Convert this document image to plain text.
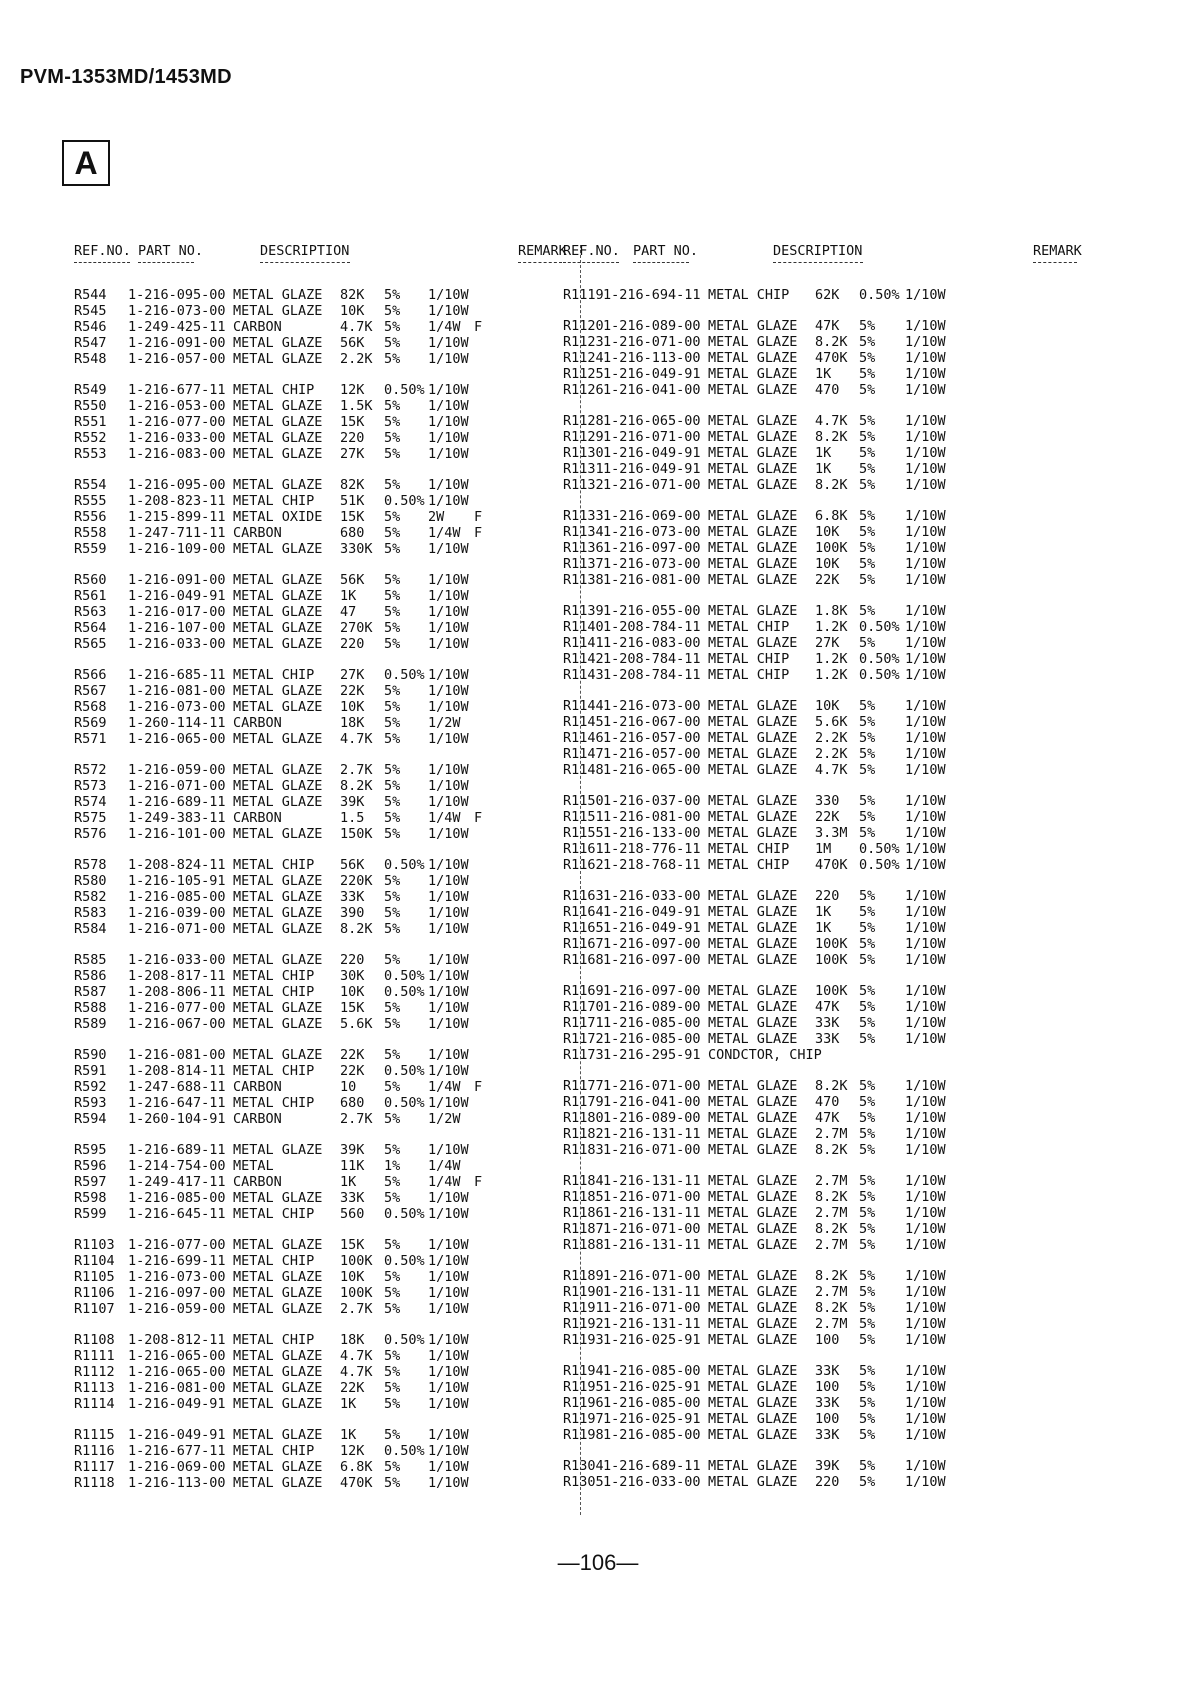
PVM-1353MD/1453MD
A
REF.NO. PART NO.	DESCRIPTION	REMARK
R544 1-216-095-00 METAL GLAZE 82K 5% 1/10W
R545 1-216-073-00 METAL GLAZE 10K 5% 1/10W
R546 1-249-425-11 CARBON	4.7K 5% 1/4W F
R547 1-216-091-00 METAL GLAZE 56K 5% 1/10W
R548 1-216-057-00 METAL GLAZE 2.2K 5% 1/10W
R549 1-216-677-11 METAL CHIP 12K 0.50% 1/10W
R550 1-216-053-00 METAL GLAZE 1.5K 5% 1/10W
R551 1-216-077-00 METAL GLAZE 15K 5% 1/10W
R552 1-216-033-00 METAL GLAZE 220 5% 1/10W
R553 1-216-083-00 METAL GLAZE 27K 5% 1/10W
R554 1-216-095-00 METAL GLAZE 82K 5% 1/10W
R555 1-208-823-11 METAL CHIP 51K 0.50% 1/10W
R556 1-215-899-11 METAL OXIDE 15K 5% 2W F
R558 1-247-711-11 CARBON	680 5% 1/4W F
R559 1-216-109-00 METAL GLAZE 330K 5% 1/10W
R560 1-216-091-00 METAL GLAZE 56K 5% 1/10W
R561 1-216-049-91 METAL GLAZE 1K 5% 1/10W
R563 1-216-017-00 METAL GLAZE 47 5% 1/10W
R564 1-216-107-00 METAL GLAZE 270K 5% 1/10W
R565 1-216-033-00 METAL GLAZE 220 5% 1/10W
R566 1-216-685-11 METAL CHIP 27K 0.50% 1/10W
R567 1-216-081-00 METAL GLAZE 22K 5% 1/10W
R568 1-216-073-00 METAL GLAZE 10K 5% 1/10W
R569 1-260-114-11 CARBON	18K 5% 1/2W
R571 1-216-065-00 METAL GLAZE 4.7K 5% 1/10W
R572 1-216-059-00 METAL GLAZE 2.7K 5% 1/10W
R573 1-216-071-00 METAL GLAZE 8.2K 5% 1/10W
R574 1-216-689-11 METAL GLAZE 39K 5% 1/10W
R575 1-249-383-11 CARBON	1.5 5% 1/4W F
R576 1-216-101-00 METAL GLAZE 150K 5% 1/10W
R578 1-208-824-11 METAL CHIP 56K 0.50% 1/10W
R580 1-216-105-91 METAL GLAZE 220K 5% 1/10W
R582 1-216-085-00 METAL GLAZE 33K 5% 1/10W
R583 1-216-039-00 METAL GLAZE 390 5% 1/10W
R584 1-216-071-00 METAL GLAZE 8.2K 5% 1/10W
R585 1-216-033-00 METAL GLAZE 220 5% 1/10W
R586 1-208-817-11 METAL CHIP 30K 0.50% 1/10W
R587 1-208-806-11 METAL CHIP 10K 0.50% 1/10W
R588 1-216-077-00 METAL GLAZE 15K 5% 1/10W
R589 1-216-067-00 METAL GLAZE 5.6K 5% 1/10W
R590 1-216-081-00 METAL GLAZE 22K 5% 1/10W
R591 1-208-814-11 METAL CHIP 22K 0.50% 1/10W
R592 1-247-688-11 CARBON	10 5% 1/4W F
R593 1-216-647-11 METAL CHIP 680 0.50% 1/10W
R594 1-260-104-91 CARBON	2.7K 5% 1/2W
R595 1-216-689-11 METAL GLAZE 39K 5% 1/10W
R596 1-214-754-00 METAL	11K 1% 1/4W
R597 1-249-417-11 CARBON	1K 5% 1/4W F
R598 1-216-085-00 METAL GLAZE 33K 5% 1/10W
R599 1-216-645-11 METAL CHIP 560 0.50% 1/10W
R1103 1-216-077-00 METAL GLAZE 15K 5% 1/10W
R1104 1-216-699-11 METAL CHIP 100K 0.50% 1/10W
R1105 1-216-073-00 METAL GLAZE 10K 5% 1/10W
R1106 1-216-097-00 METAL GLAZE 100K 5% 1/10W
R1107 1-216-059-00 METAL GLAZE 2.7K 5% 1/10W
R1108 1-208-812-11 METAL CHIP 18K 0.50% 1/10W
R1111 1-216-065-00 METAL GLAZE 4.7K 5% 1/10W
R1112 1-216-065-00 METAL GLAZE 4.7K 5% 1/10W
R1113 1-216-081-00 METAL GLAZE 22K 5% 1/10W
R1114 1-216-049-91 METAL GLAZE 1K 5% 1/10W
R1115 1-216-049-91 METAL GLAZE 1K 5% 1/10W
R1116 1-216-677-11 METAL CHIP 12K 0.50% 1/10W
R1117 1-216-069-00 METAL GLAZE 6.8K 5% 1/10W
R1118 1-216-113-00 METAL GLAZE 470K 5% 1/10W
REF.NO. PART NO.	DESCRIPTION	REMARK
R1119 1-216-694-11 METAL CHIP 62K 0.50% 1/10W
R1120 1-216-089-00 METAL GLAZE 47K 5% 1/10W
R1123 1-216-071-00 METAL GLAZE 8.2K 5% 1/10W
R1124 1-216-113-00 METAL GLAZE 470K 5% 1/10W
R1125 1-216-049-91 METAL GLAZE 1K 5% 1/10W
R1126 1-216-041-00 METAL GLAZE 470 5% 1/10W
R1128 1-216-065-00 METAL GLAZE 4.7K 5% 1/10W
R1129 1-216-071-00 METAL GLAZE 8.2K 5% 1/10W
R1130 1-216-049-91 METAL GLAZE 1K 5% 1/10W
R1131 1-216-049-91 METAL GLAZE 1K 5% 1/10W
R1132 1-216-071-00 METAL GLAZE 8.2K 5% 1/10W
R1133 1-216-069-00 METAL GLAZE 6.8K 5% 1/10W
R1134 1-216-073-00 METAL GLAZE 10K 5% 1/10W
R1136 1-216-097-00 METAL GLAZE 100K 5% 1/10W
R1137 1-216-073-00 METAL GLAZE 10K 5% 1/10W
R1138 1-216-081-00 METAL GLAZE 22K 5% 1/10W
R1139 1-216-055-00 METAL GLAZE 1.8K 5% 1/10W
R1140 1-208-784-11 METAL CHIP 1.2K 0.50% 1/10W
R1141 1-216-083-00 METAL GLAZE 27K 5% 1/10W
R1142 1-208-784-11 METAL CHIP 1.2K 0.50% 1/10W
R1143 1-208-784-11 METAL CHIP 1.2K 0.50% 1/10W
R1144 1-216-073-00 METAL GLAZE 10K 5% 1/10W
R1145 1-216-067-00 METAL GLAZE 5.6K 5% 1/10W
R1146 1-216-057-00 METAL GLAZE 2.2K 5% 1/10W
R1147 1-216-057-00 METAL GLAZE 2.2K 5% 1/10W
R1148 1-216-065-00 METAL GLAZE 4.7K 5% 1/10W
R1150 1-216-037-00 METAL GLAZE 330 5% 1/10W
R1151 1-216-081-00 METAL GLAZE 22K 5% 1/10W
R1155 1-216-133-00 METAL GLAZE 3.3M 5% 1/10W
R1161 1-218-776-11 METAL CHIP 1M 0.50% 1/10W
R1162 1-218-768-11 METAL CHIP 470K 0.50% 1/10W
R1163 1-216-033-00 METAL GLAZE 220 5% 1/10W
R1164 1-216-049-91 METAL GLAZE 1K 5% 1/10W
R1165 1-216-049-91 METAL GLAZE 1K 5% 1/10W
R1167 1-216-097-00 METAL GLAZE 100K 5% 1/10W
R1168 1-216-097-00 METAL GLAZE 100K 5% 1/10W
R1169 1-216-097-00 METAL GLAZE 100K 5% 1/10W
R1170 1-216-089-00 METAL GLAZE 47K 5% 1/10W
R1171 1-216-085-00 METAL GLAZE 33K 5% 1/10W
R1172 1-216-085-00 METAL GLAZE 33K 5% 1/10W
R1173 1-216-295-91 CONDCTOR, CHIP
R1177 1-216-071-00 METAL GLAZE 8.2K 5% 1/10W
R1179 1-216-041-00 METAL GLAZE 470 5% 1/10W
R1180 1-216-089-00 METAL GLAZE 47K 5% 1/10W
R1182 1-216-131-11 METAL GLAZE 2.7M 5% 1/10W
R1183 1-216-071-00 METAL GLAZE 8.2K 5% 1/10W
R1184 1-216-131-11 METAL GLAZE 2.7M 5% 1/10W
R1185 1-216-071-00 METAL GLAZE 8.2K 5% 1/10W
R1186 1-216-131-11 METAL GLAZE 2.7M 5% 1/10W
R1187 1-216-071-00 METAL GLAZE 8.2K 5% 1/10W
R1188 1-216-131-11 METAL GLAZE 2.7M 5% 1/10W
R1189 1-216-071-00 METAL GLAZE 8.2K 5% 1/10W
R1190 1-216-131-11 METAL GLAZE 2.7M 5% 1/10W
R1191 1-216-071-00 METAL GLAZE 8.2K 5% 1/10W
R1192 1-216-131-11 METAL GLAZE 2.7M 5% 1/10W
R1193 1-216-025-91 METAL GLAZE 100 5% 1/10W
R1194 1-216-085-00 METAL GLAZE 33K 5% 1/10W
R1195 1-216-025-91 METAL GLAZE 100 5% 1/10W
R1196 1-216-085-00 METAL GLAZE 33K 5% 1/10W
R1197 1-216-025-91 METAL GLAZE 100 5% 1/10W
R1198 1-216-085-00 METAL GLAZE 33K 5% 1/10W
R1304 1-216-689-11 METAL GLAZE 39K 5% 1/10W
R1305 1-216-033-00 METAL GLAZE 220 5% 1/10W
—106—
